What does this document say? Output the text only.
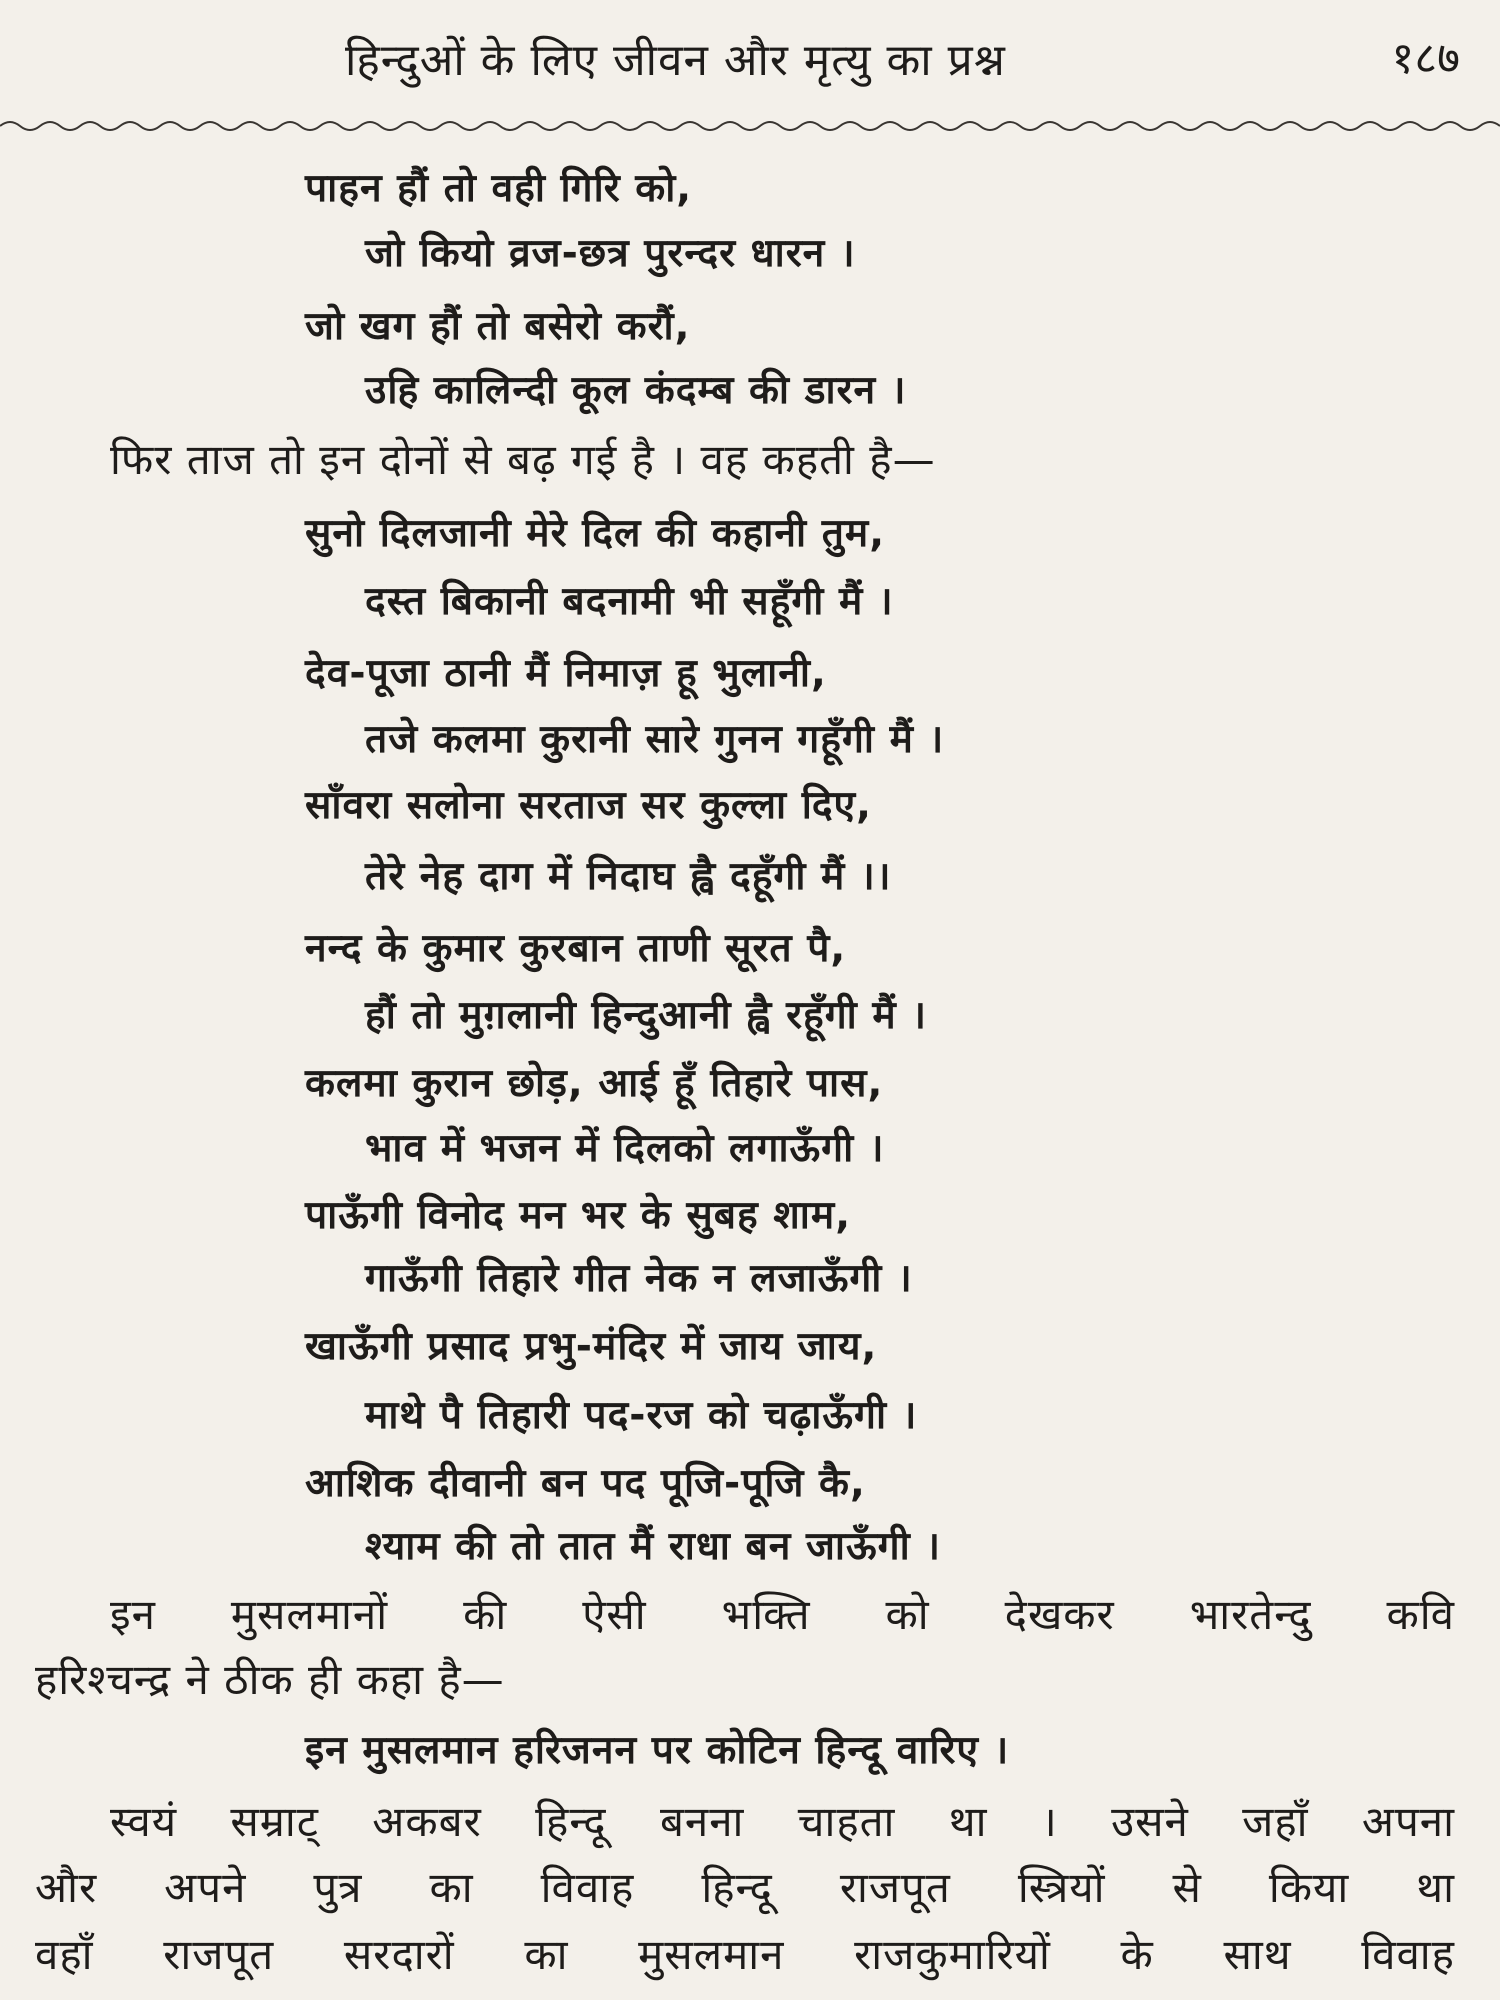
हिन्दुओं के लिए जीवन और मृत्यु का प्रश्न	१८७
पाहन हौं तो वही गिरि को,
जो कियो व्रज-छत्र पुरन्दर धारन ।
जो खग हौं तो बसेरो करौं,
उहि कालिन्दी कूल कंदम्ब की डारन ।
फिर ताज तो इन दोनों से बढ़ गई है । वह कहती है—
सुनो दिलजानी मेरे दिल की कहानी तुम,
दस्त बिकानी बदनामी भी सहूँगी मैं ।
देव-पूजा ठानी मैं निमाज़ हू भुलानी,
तजे कलमा कुरानी सारे गुनन गहूँगी मैं ।
साँवरा सलोना सरताज सर कुल्ला दिए,
तेरे नेह दाग में निदाघ ह्वै दहूँगी मैं ।।
नन्द के कुमार कुरबान ताणी सूरत पै,
हौं तो मुग़लानी हिन्दुआनी ह्वै रहूँगी मैं ।
कलमा कुरान छोड़, आई हूँ तिहारे पास,
भाव में भजन में दिलको लगाऊँगी ।
पाऊँगी विनोद मन भर के सुबह शाम,
गाऊँगी तिहारे गीत नेक न लजाऊँगी ।
खाऊँगी प्रसाद प्रभु-मंदिर में जाय जाय,
माथे पै तिहारी पद-रज को चढ़ाऊँगी ।
आशिक दीवानी बन पद पूजि-पूजि कै,
श्याम की तो तात मैं राधा बन जाऊँगी ।
इन मुसलमानों की ऐसी भक्ति को देखकर भारतेन्दु कवि
हरिश्चन्द्र ने ठीक ही कहा है—
इन मुसलमान हरिजनन पर कोटिन हिन्दू वारिए ।
स्वयं सम्राट् अकबर हिन्दू बनना चाहता था । उसने जहाँ अपना
और अपने पुत्र का विवाह हिन्दू राजपूत स्त्रियों से किया था
वहाँ राजपूत सरदारों का मुसलमान राजकुमारियों के साथ विवाह
